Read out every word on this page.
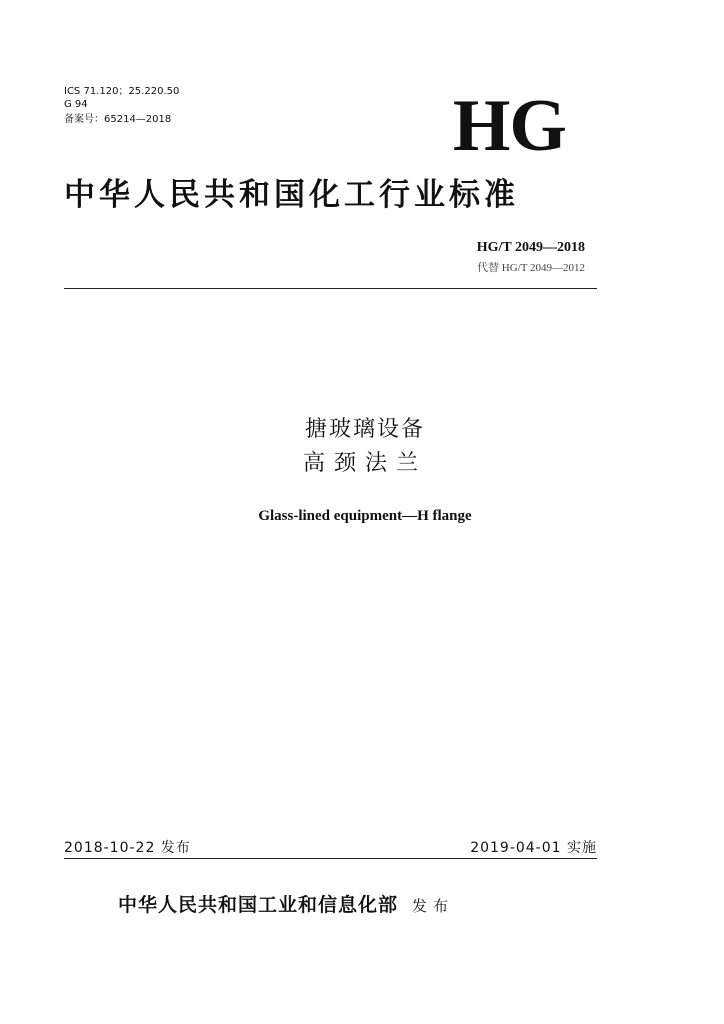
ICS 71.120；25.220.50
G 94
备案号：65214—2018	HG
中华人民共和国化工行业标准
HG/T 2049—2018
代替 HG/T 2049—2012
搪玻璃设备
高颈法兰
Glass-lined equipment—H flange
2018-10-22 发布	2019-04-01 实施
中华人民共和国工业和信息化部 发布
